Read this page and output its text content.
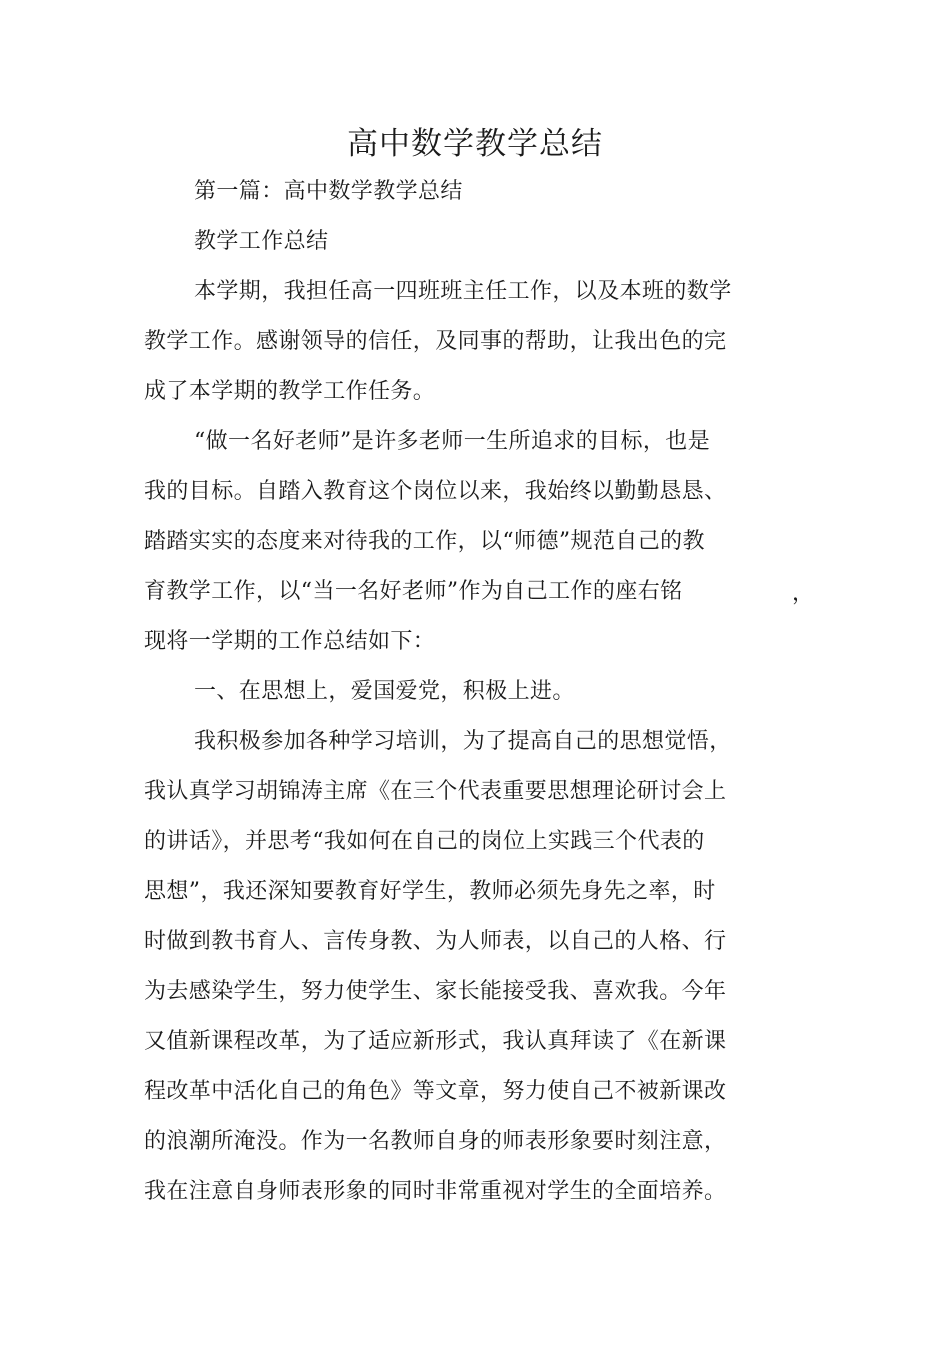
高中数学教学总结
第一篇：高中数学教学总结
教学工作总结
本学期，我担任高一四班班主任工作，以及本班的数学
教学工作。感谢领导的信任，及同事的帮助，让我出色的完
成了本学期的教学工作任务。
“做一名好老师”是许多老师一生所追求的目标，也是
我的目标。自踏入教育这个岗位以来，我始终以勤勤恳恳、
踏踏实实的态度来对待我的工作，以“师德”规范自己的教
育教学工作，以“当一名好老师”作为自己工作的座右铭	，
现将一学期的工作总结如下：
一、在思想上，爱国爱党，积极上进。
我积极参加各种学习培训，为了提高自己的思想觉悟，
我认真学习胡锦涛主席《在三个代表重要思想理论研讨会上
的讲话》，并思考“我如何在自己的岗位上实践三个代表的
思想”，我还深知要教育好学生，教师必须先身先之率，时
时做到教书育人、言传身教、为人师表，以自己的人格、行
为去感染学生，努力使学生、家长能接受我、喜欢我。今年
又值新课程改革，为了适应新形式，我认真拜读了《在新课
程改革中活化自己的角色》等文章，努力使自己不被新课改
的浪潮所淹没。作为一名教师自身的师表形象要时刻注意，
我在注意自身师表形象的同时非常重视对学生的全面培养。
